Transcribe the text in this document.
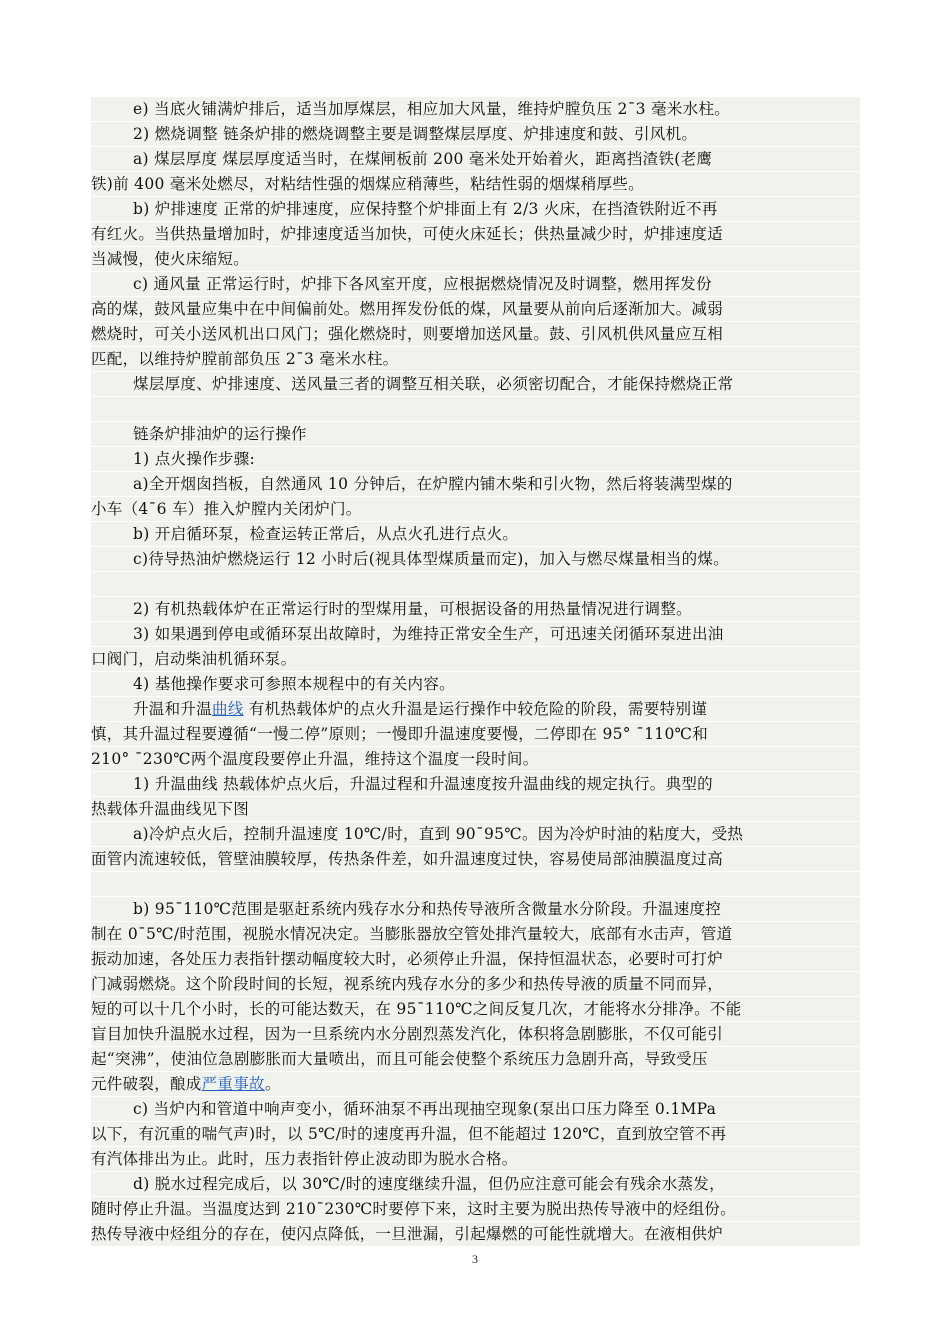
e) 当底火铺满炉排后，适当加厚煤层，相应加大风量，维持炉膛负压 2ˉ3 毫米水柱。
2) 燃烧调整 链条炉排的燃烧调整主要是调整煤层厚度、炉排速度和鼓、引风机。
a) 煤层厚度 煤层厚度适当时，在煤闸板前 200 毫米处开始着火，距离挡渣铁(老鹰
铁)前 400 毫米处燃尽，对粘结性强的烟煤应稍薄些，粘结性弱的烟煤稍厚些。
b) 炉排速度 正常的炉排速度，应保持整个炉排面上有 2/3 火床，在挡渣铁附近不再
有红火。当供热量增加时，炉排速度适当加快，可使火床延长；供热量减少时，炉排速度适
当减慢，使火床缩短。
c) 通风量 正常运行时，炉排下各风室开度，应根据燃烧情况及时调整，燃用挥发份
高的煤，鼓风量应集中在中间偏前处。燃用挥发份低的煤，风量要从前向后逐渐加大。减弱
燃烧时，可关小送风机出口风门；强化燃烧时，则要增加送风量。鼓、引风机供风量应互相
匹配，以维持炉膛前部负压 2ˉ3 毫米水柱。
煤层厚度、炉排速度、送风量三者的调整互相关联，必须密切配合，才能保持燃烧正常
链条炉排油炉的运行操作
1) 点火操作步骤:
a)全开烟囱挡板，自然通风 10 分钟后，在炉膛内铺木柴和引火物，然后将装满型煤的
小车（4ˉ6 车）推入炉膛内关闭炉门。
b) 开启循环泵，检查运转正常后，从点火孔进行点火。
c)待导热油炉燃烧运行 12 小时后(视具体型煤质量而定)，加入与燃尽煤量相当的煤。
2) 有机热载体炉在正常运行时的型煤用量，可根据设备的用热量情况进行调整。
3) 如果遇到停电或循环泵出故障时，为维持正常安全生产，可迅速关闭循环泵进出油
口阀门，启动柴油机循环泵。
4) 基他操作要求可参照本规程中的有关内容。
升温和升温曲线 有机热载体炉的点火升温是运行操作中较危险的阶段，需要特别谨
慎，其升温过程要遵循“一慢二停”原则；一慢即升温速度要慢，二停即在 95° ˉ110℃和
210° ˉ230℃两个温度段要停止升温，维持这个温度一段时间。
1) 升温曲线 热载体炉点火后，升温过程和升温速度按升温曲线的规定执行。典型的
热载体升温曲线见下图
a)冷炉点火后，控制升温速度 10℃/时，直到 90ˉ95℃。因为冷炉时油的粘度大，受热
面管内流速较低，管壁油膜较厚，传热条件差，如升温速度过快，容易使局部油膜温度过高
b) 95ˉ110℃范围是驱赶系统内残存水分和热传导液所含微量水分阶段。升温速度控
制在 0ˉ5℃/时范围，视脱水情况决定。当膨胀器放空管处排汽量较大，底部有水击声，管道
振动加速，各处压力表指针摆动幅度较大时，必须停止升温，保持恒温状态，必要时可打炉
门减弱燃烧。这个阶段时间的长短，视系统内残存水分的多少和热传导液的质量不同而异，
短的可以十几个小时，长的可能达数天，在 95ˉ110℃之间反复几次，才能将水分排净。不能
盲目加快升温脱水过程，因为一旦系统内水分剧烈蒸发汽化，体积将急剧膨胀，不仅可能引
起“突沸”，使油位急剧膨胀而大量喷出，而且可能会使整个系统压力急剧升高，导致受压
元件破裂，酿成严重事故。
c) 当炉内和管道中响声变小，循环油泵不再出现抽空现象(泵出口压力降至 0.1MPa
以下，有沉重的喘气声)时，以 5℃/时的速度再升温，但不能超过 120℃，直到放空管不再
有汽体排出为止。此时，压力表指针停止波动即为脱水合格。
d) 脱水过程完成后，以 30℃/时的速度继续升温，但仍应注意可能会有残余水蒸发，
随时停止升温。当温度达到 210ˉ230℃时要停下来，这时主要为脱出热传导液中的烃组份。
热传导液中烃组分的存在，使闪点降低，一旦泄漏，引起爆燃的可能性就增大。在液相供炉
3
